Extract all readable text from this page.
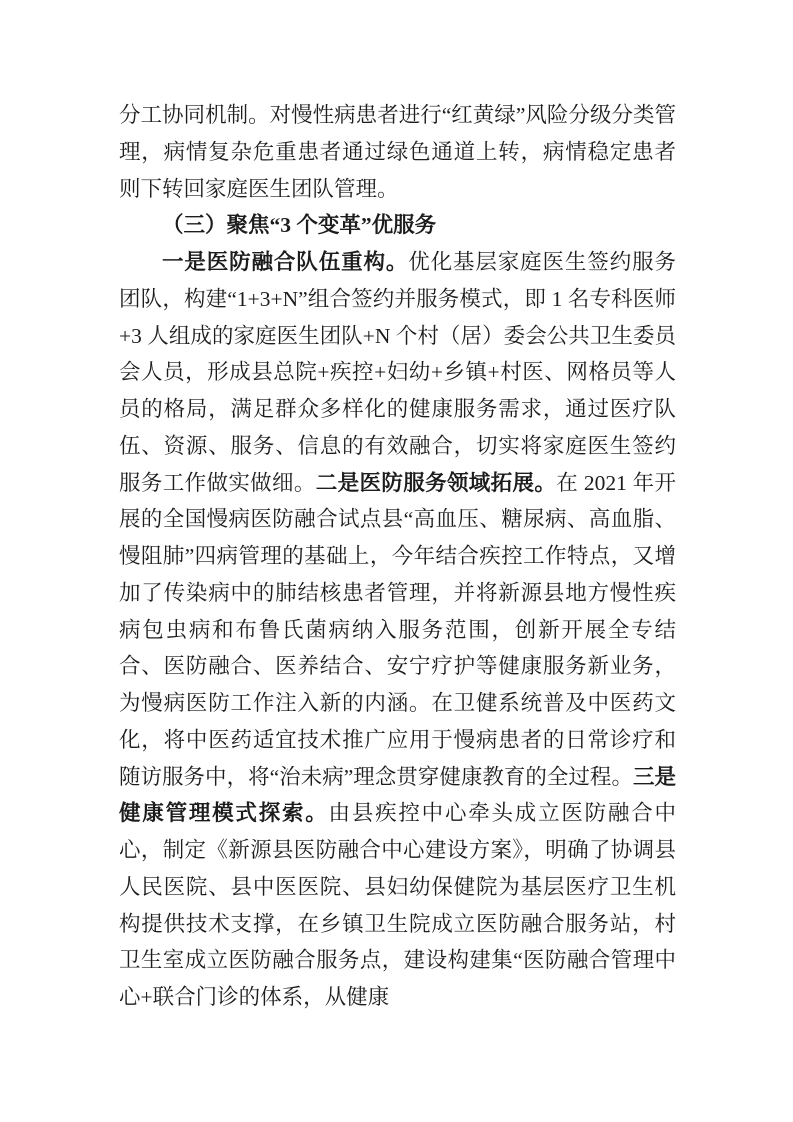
分工协同机制。对慢性病患者进行“红黄绿”风险分级分类管理，病情复杂危重患者通过绿色通道上转，病情稳定患者则下转回家庭医生团队管理。

（三）聚焦“3 个变革”优服务

一是医防融合队伍重构。优化基层家庭医生签约服务团队，构建“1+3+N”组合签约并服务模式，即 1 名专科医师+3 人组成的家庭医生团队+N 个村（居）委会公共卫生委员会人员，形成县总院+疾控+妇幼+乡镇+村医、网格员等人员的格局，满足群众多样化的健康服务需求，通过医疗队伍、资源、服务、信息的有效融合，切实将家庭医生签约服务工作做实做细。二是医防服务领域拓展。在 2021 年开展的全国慢病医防融合试点县“高血压、糖尿病、高血脂、慢阻肺”四病管理的基础上，今年结合疾控工作特点，又增加了传染病中的肺结核患者管理，并将新源县地方慢性疾病包虫病和布鲁氏菌病纳入服务范围，创新开展全专结合、医防融合、医养结合、安宁疗护等健康服务新业务，为慢病医防工作注入新的内涵。在卫健系统普及中医药文化，将中医药适宜技术推广应用于慢病患者的日常诊疗和随访服务中，将“治未病”理念贯穿健康教育的全过程。三是健康管理模式探索。由县疾控中心牵头成立医防融合中心，制定《新源县医防融合中心建设方案》，明确了协调县人民医院、县中医医院、县妇幼保健院为基层医疗卫生机构提供技术支撑，在乡镇卫生院成立医防融合服务站，村卫生室成立医防融合服务点，建设构建集“医防融合管理中心+联合门诊的体系，从健康
